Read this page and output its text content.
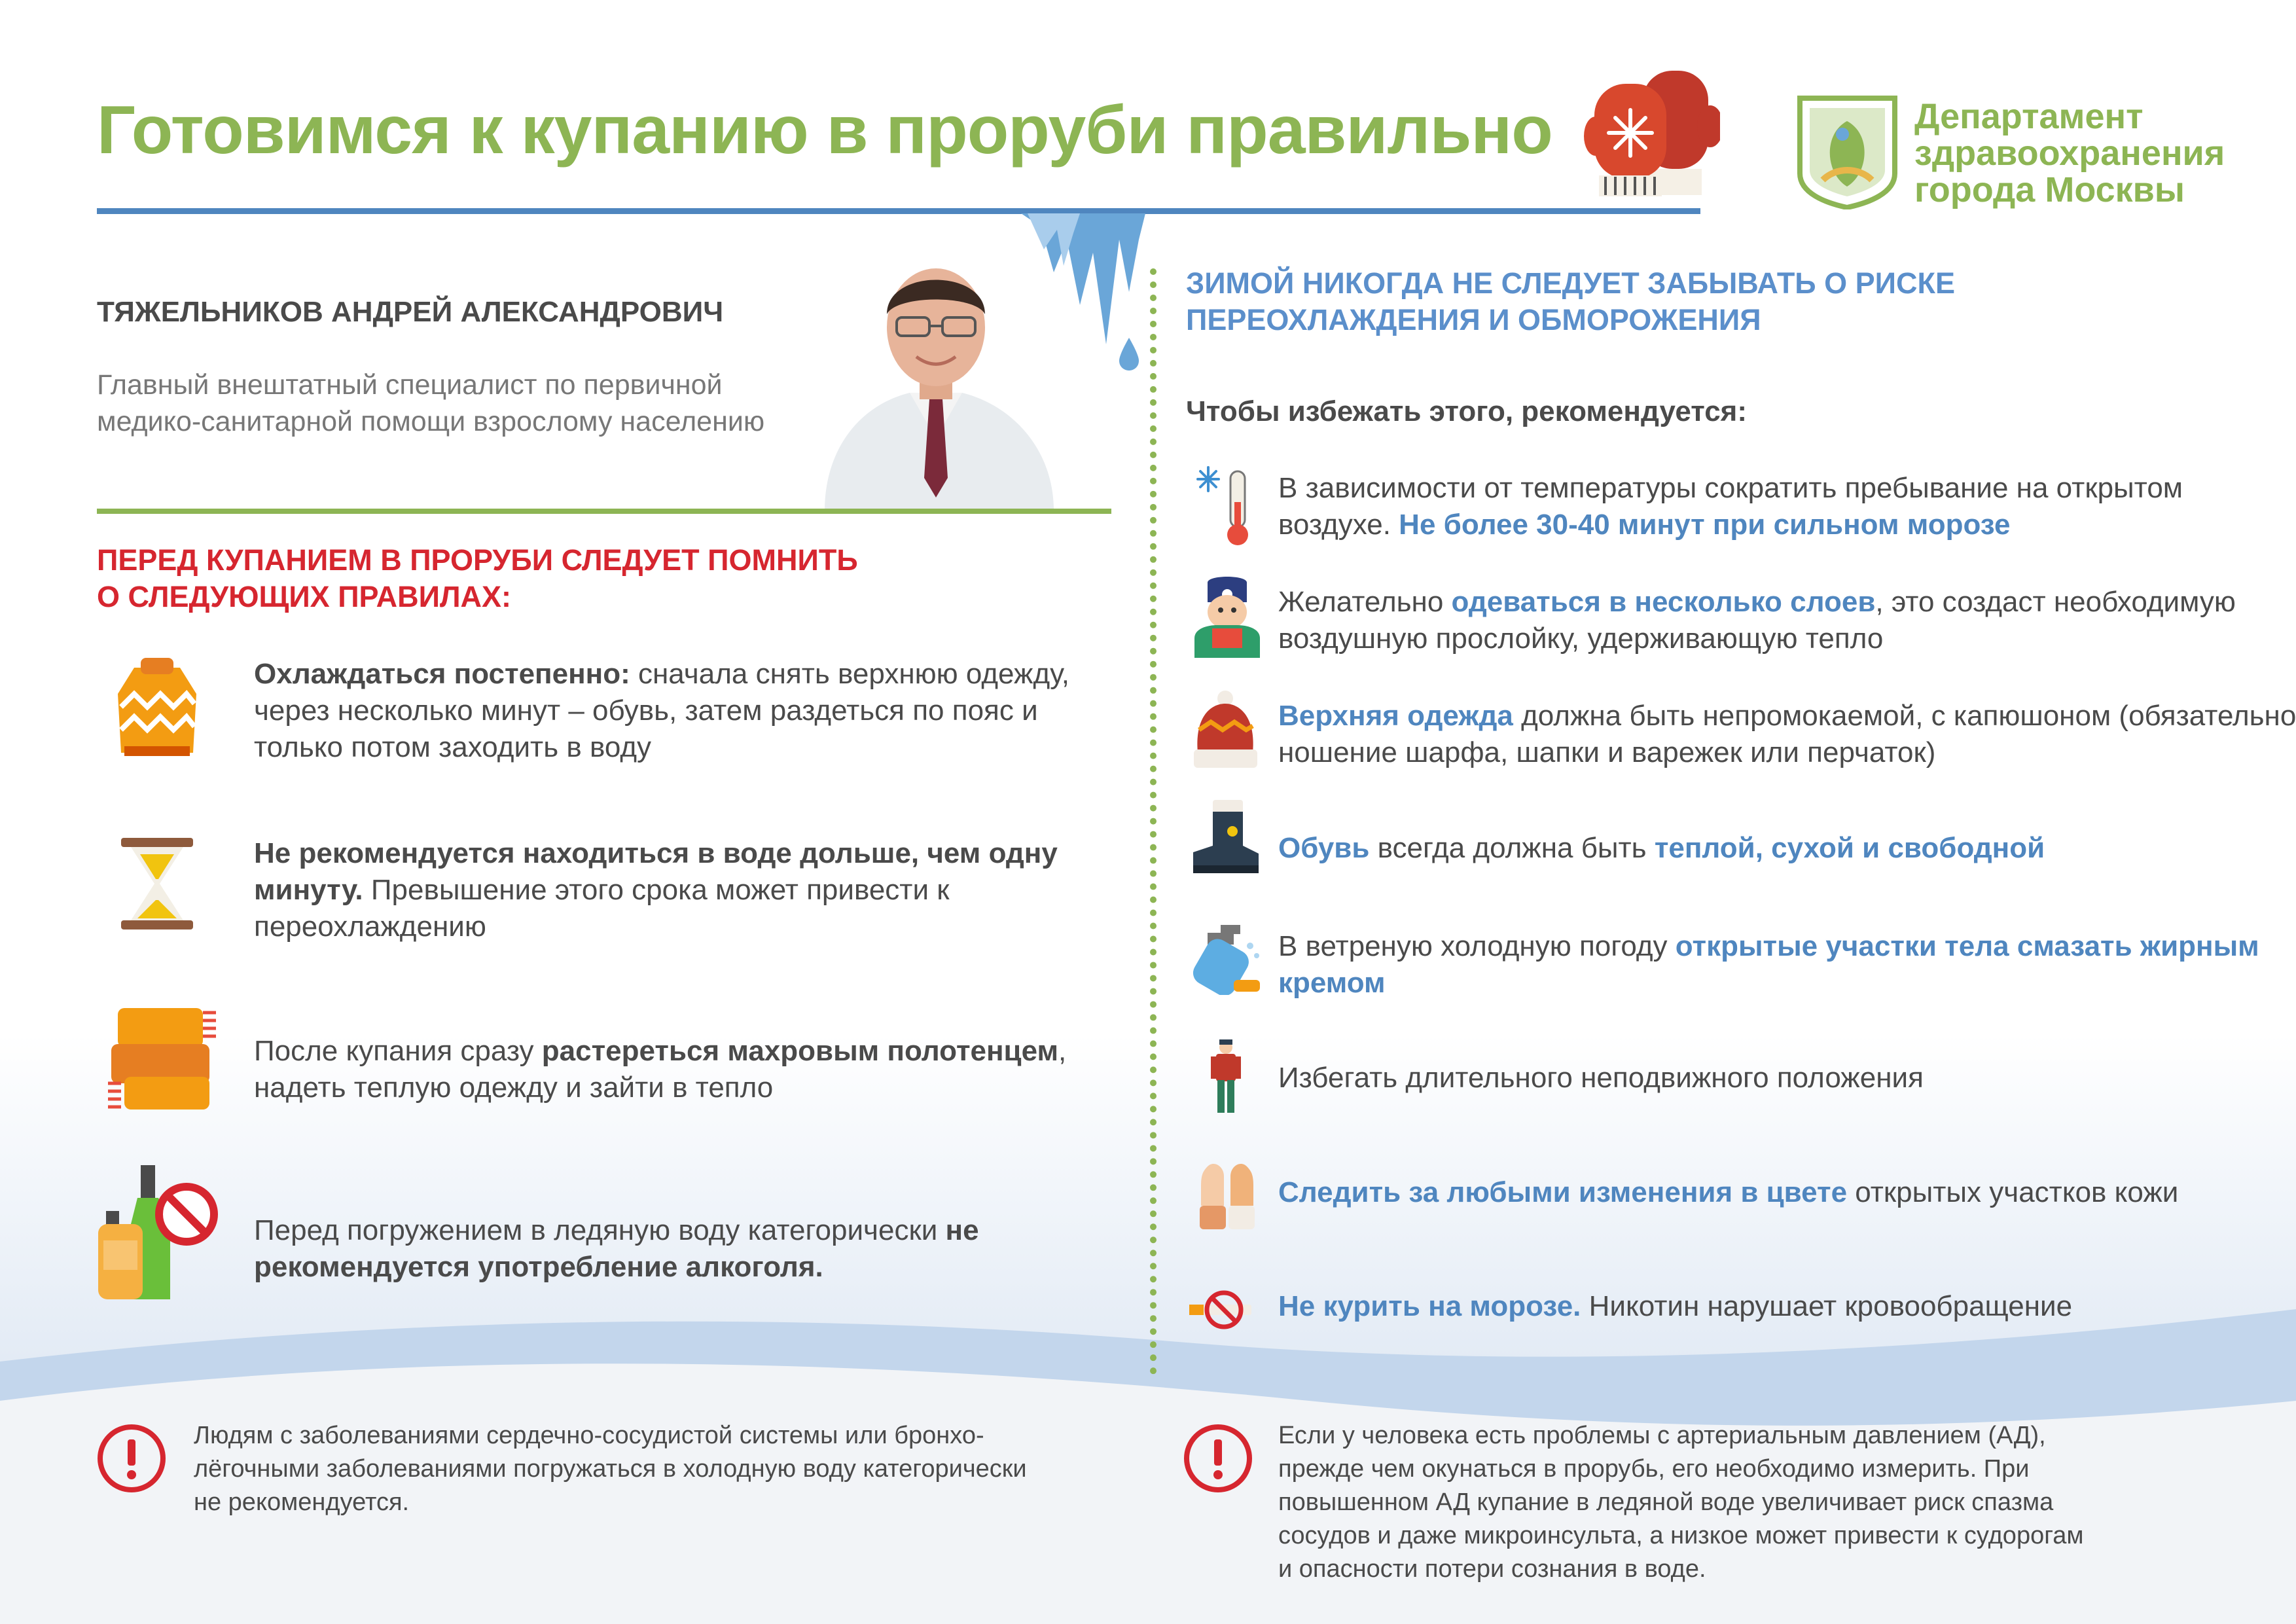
Готовимся к купанию в проруби правильно	Департамент
здравоохранения
города Москвы
ТЯЖЕЛЬНИКОВ АНДРЕЙ АЛЕКСАНДРОВИЧ
Главный внештатный специалист по первичной
медико-санитарной помощи взрослому населению
ПЕРЕД КУПАНИЕМ В ПРОРУБИ СЛЕДУЕТ ПОМНИТЬ
О СЛЕДУЮЩИХ ПРАВИЛАХ:
Охлаждаться постепенно: сначала снять верхнюю одежду, через несколько минут – обувь, затем раздеться по пояс и только потом заходить в воду
Не рекомендуется находиться в воде дольше, чем одну минуту. Превышение этого срока может привести к переохлаждению
После купания сразу растереться махровым полотенцем, надеть теплую одежду и зайти в тепло
Перед погружением в ледяную воду категорически не рекомендуется употребление алкоголя.
ЗИМОЙ НИКОГДА НЕ СЛЕДУЕТ ЗАБЫВАТЬ О РИСКЕ
ПЕРЕОХЛАЖДЕНИЯ И ОБМОРОЖЕНИЯ
Чтобы избежать этого, рекомендуется:
В зависимости от температуры сократить пребывание на открытом воздухе. Не более 30-40 минут при сильном морозе
Желательно одеваться в несколько слоев, это создаст необходимую воздушную прослойку, удерживающую тепло
Верхняя одежда должна быть непромокаемой, с капюшоном (обязательно ношение шарфа, шапки и варежек или перчаток)
Обувь всегда должна быть теплой, сухой и свободной
В ветреную холодную погоду открытые участки тела смазать жирным кремом
Избегать длительного неподвижного положения
Следить за любыми изменения в цвете открытых участков кожи
Не курить на морозе. Никотин нарушает кровообращение
Людям с заболеваниями сердечно-сосудистой системы или бронхо-
лёгочными заболеваниями погружаться в холодную воду категорически
не рекомендуется.
Если у человека есть проблемы с артериальным давлением (АД),
прежде чем окунаться в прорубь, его необходимо измерить. При
повышенном АД купание в ледяной воде увеличивает риск спазма
сосудов и даже микроинсульта, а низкое может привести к судорогам
и опасности потери сознания в воде.
